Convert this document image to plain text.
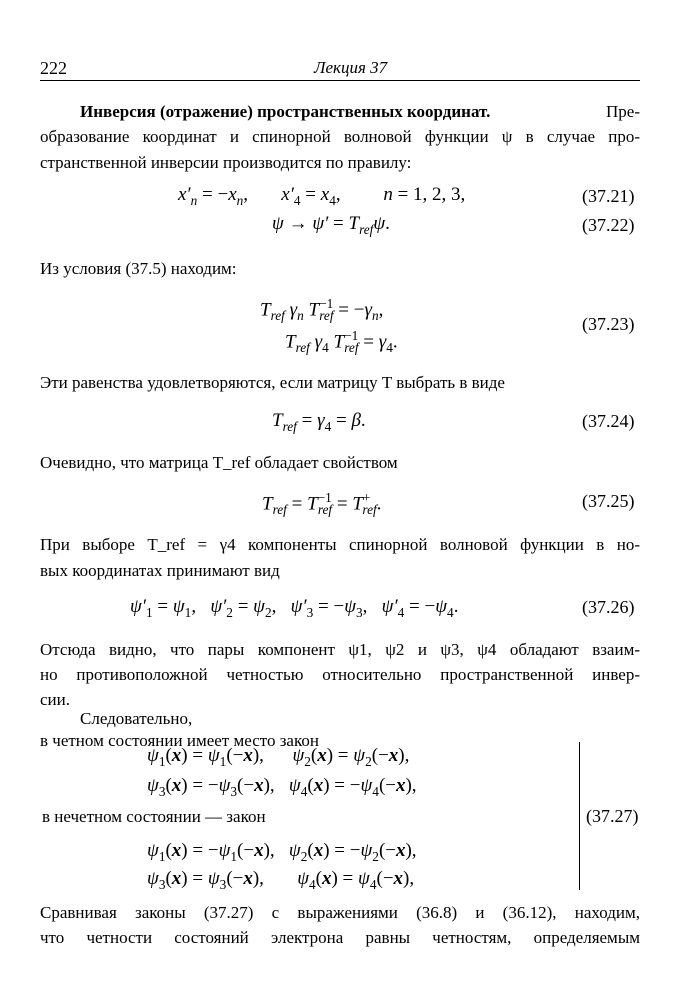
222	Лекция 37
Инверсия (отражение) пространственных координат.	Пре-
образование координат и спинорной волновой функции ψ в случае про-
странственной инверсии производится по правилу:
$x'_n = -x_n$,       $x'_4 = x_4$,         n = 1, 2, 3,	(37.21)
$\psi \to \psi' = T_{ref}\psi$.	(37.22)
Из условия (37.5) находим:
$T_{ref}$ $\gamma_n$ $T^{-1}_{ref} = -\gamma_n$,
$T_{ref}$ $\gamma_4$ $T^{-1}_{ref} = \gamma_4$.
(37.23)
Эти равенства удовлетворяются, если матрицу T выбрать в виде
$T_{ref} = \gamma_4 = \beta$.	(37.24)
Очевидно, что матрица T_ref обладает свойством
$T_{ref} = T^{-1}_{ref} = T^+_{ref}$.	(37.25)
При выборе T_ref = γ4 компоненты спинорной волновой функции в но-
вых координатах принимают вид
$\psi'_1 = \psi_1$,   $\psi'_2 = \psi_2$,   $\psi'_3 = -\psi_3$,   $\psi'_4 = -\psi_4$.	(37.26)
Отсюда видно, что пары компонент ψ1, ψ2 и ψ3, ψ4 обладают взаим-
но противоположной четностью относительно пространственной инвер-
сии.
Следовательно,
в четном состоянии имеет место закон
$\psi_1(x) = \psi_1(-x)$,      $\psi_2(x) = \psi_2(-x)$,
$\psi_3(x) = -\psi_3(-x)$,   $\psi_4(x) = -\psi_4(-x)$,
в нечетном состоянии — закон
$\psi_1(x) = -\psi_1(-x)$,   $\psi_2(x) = -\psi_2(-x)$,
$\psi_3(x) = \psi_3(-x)$,       $\psi_4(x) = \psi_4(-x)$,
(37.27)
Сравнивая законы (37.27) с выражениями (36.8) и (36.12), находим,
что четности состояний электрона равны четностям, определяемым
